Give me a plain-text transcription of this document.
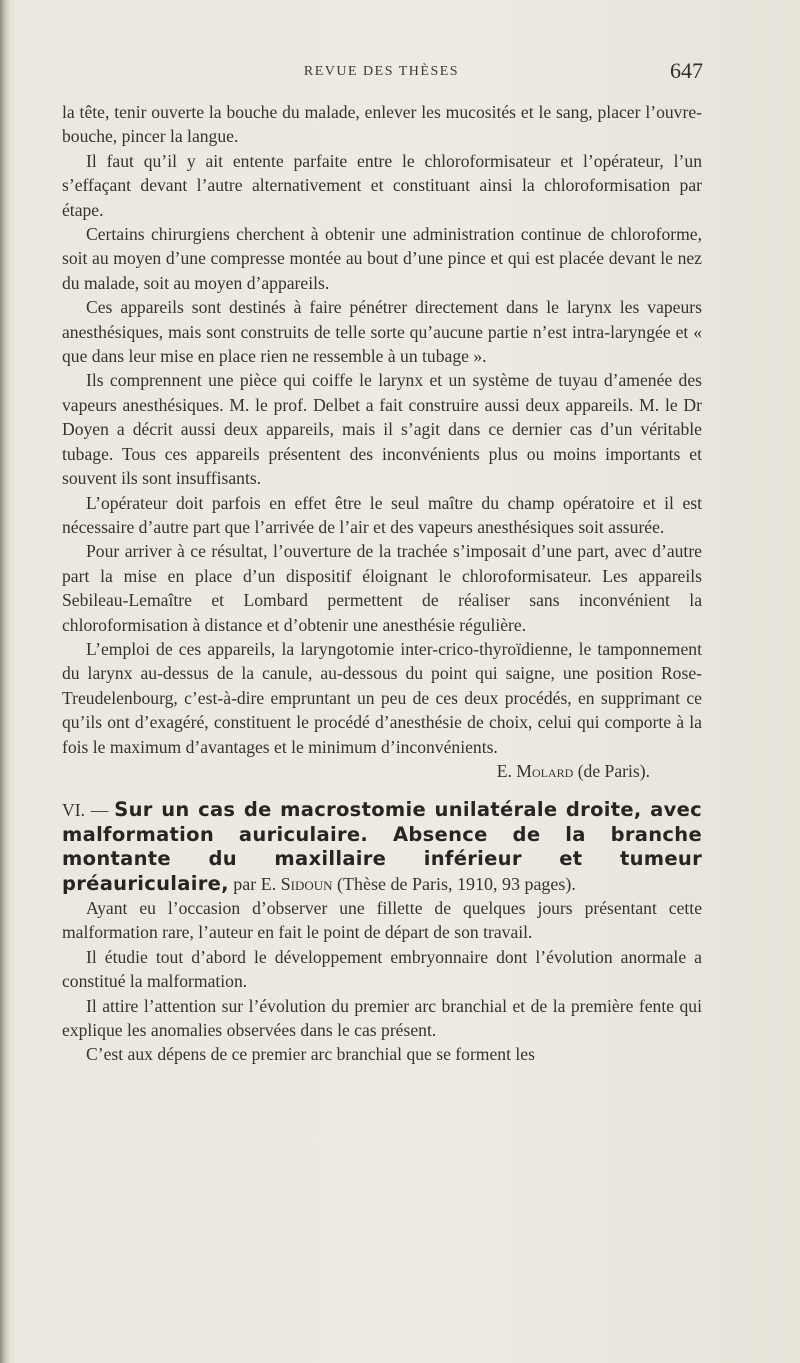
REVUE DES THÈSES	647

la tête, tenir ouverte la bouche du malade, enlever les mucosités et le sang, placer l’ouvre-bouche, pincer la langue.

Il faut qu’il y ait entente parfaite entre le chloroformisateur et l’opérateur, l’un s’effaçant devant l’autre alternativement et constituant ainsi la chloroformisation par étape.

Certains chirurgiens cherchent à obtenir une administration continue de chloroforme, soit au moyen d’une compresse montée au bout d’une pince et qui est placée devant le nez du malade, soit au moyen d’appareils.

Ces appareils sont destinés à faire pénétrer directement dans le larynx les vapeurs anesthésiques, mais sont construits de telle sorte qu’aucune partie n’est intra-laryngée et « que dans leur mise en place rien ne ressemble à un tubage ».

Ils comprennent une pièce qui coiffe le larynx et un système de tuyau d’amenée des vapeurs anesthésiques. M. le prof. Delbet a fait construire aussi deux appareils. M. le Dr Doyen a décrit aussi deux appareils, mais il s’agit dans ce dernier cas d’un véritable tubage. Tous ces appareils présentent des inconvénients plus ou moins importants et souvent ils sont insuffisants.

L’opérateur doit parfois en effet être le seul maître du champ opératoire et il est nécessaire d’autre part que l’arrivée de l’air et des vapeurs anesthésiques soit assurée.

Pour arriver à ce résultat, l’ouverture de la trachée s’imposait d’une part, avec d’autre part la mise en place d’un dispositif éloignant le chloroformisateur. Les appareils Sebileau-Lemaître et Lombard permettent de réaliser sans inconvénient la chloroformisation à distance et d’obtenir une anesthésie régulière.

L’emploi de ces appareils, la laryngotomie inter-crico-thyroïdienne, le tamponnement du larynx au-dessus de la canule, au-dessous du point qui saigne, une position Rose-Treudelenbourg, c’est-à-dire empruntant un peu de ces deux procédés, en supprimant ce qu’ils ont d’exagéré, constituent le procédé d’anesthésie de choix, celui qui comporte à la fois le maximum d’avantages et le minimum d’inconvénients.

E. Molard (de Paris).

VI. — Sur un cas de macrostomie unilatérale droite, avec malformation auriculaire. Absence de la branche montante du maxillaire inférieur et tumeur préauriculaire, par E. Sidoun (Thèse de Paris, 1910, 93 pages).

Ayant eu l’occasion d’observer une fillette de quelques jours présentant cette malformation rare, l’auteur en fait le point de départ de son travail.

Il étudie tout d’abord le développement embryonnaire dont l’évolution anormale a constitué la malformation.

Il attire l’attention sur l’évolution du premier arc branchial et de la première fente qui explique les anomalies observées dans le cas présent.

C’est aux dépens de ce premier arc branchial que se forment les
